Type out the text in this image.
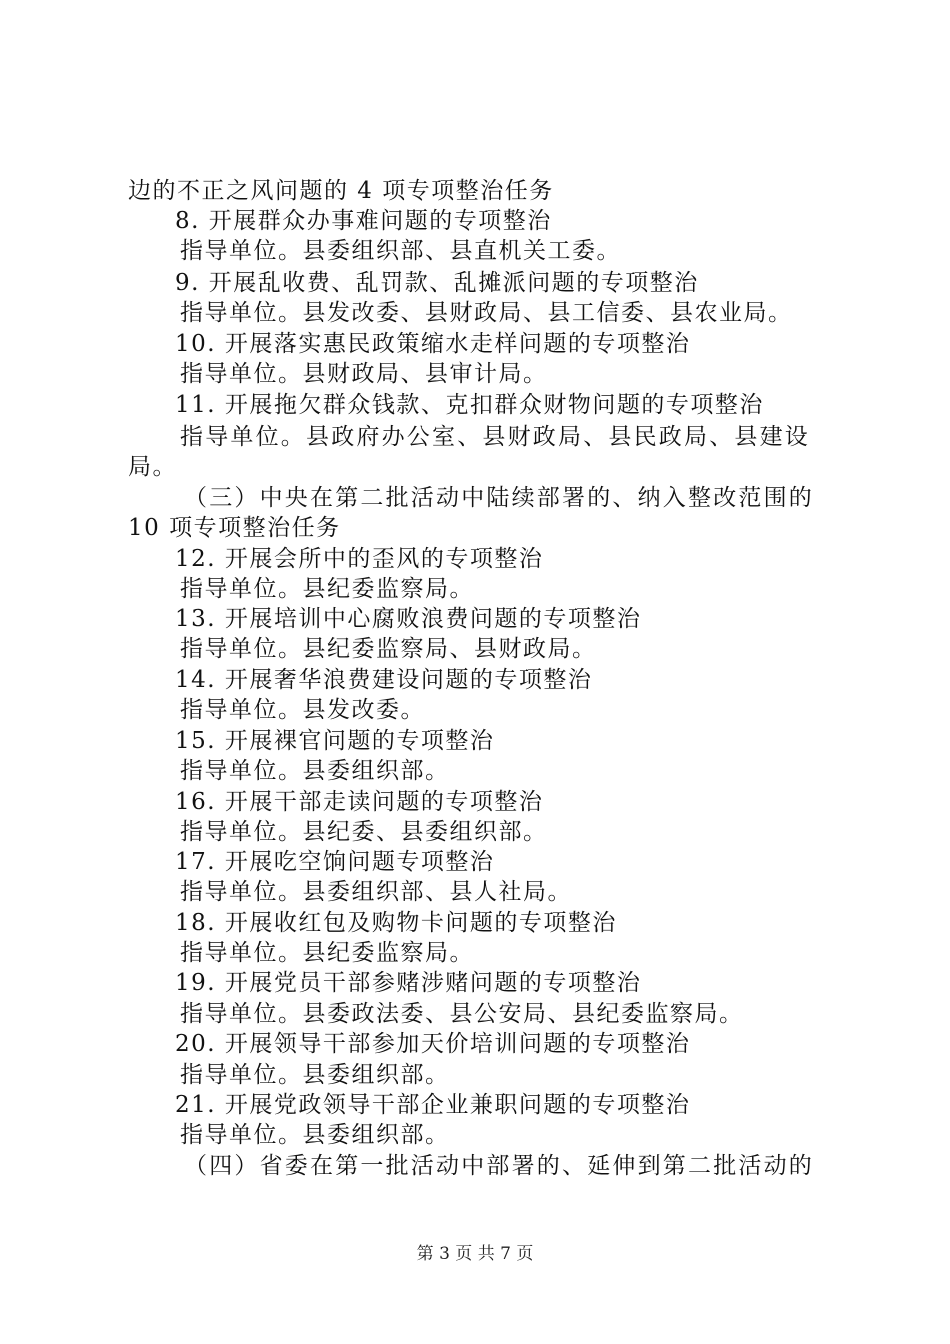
边的不正之风问题的 4 项专项整治任务
8. 开展群众办事难问题的专项整治
指导单位。县委组织部、县直机关工委。
9. 开展乱收费、乱罚款、乱摊派问题的专项整治
指导单位。县发改委、县财政局、县工信委、县农业局。
10. 开展落实惠民政策缩水走样问题的专项整治
指导单位。县财政局、县审计局。
11. 开展拖欠群众钱款、克扣群众财物问题的专项整治
指导单位。县政府办公室、县财政局、县民政局、县建设
局。
（三）中央在第二批活动中陆续部署的、纳入整改范围的
10 项专项整治任务
12. 开展会所中的歪风的专项整治
指导单位。县纪委监察局。
13. 开展培训中心腐败浪费问题的专项整治
指导单位。县纪委监察局、县财政局。
14. 开展奢华浪费建设问题的专项整治
指导单位。县发改委。
15. 开展裸官问题的专项整治
指导单位。县委组织部。
16. 开展干部走读问题的专项整治
指导单位。县纪委、县委组织部。
17. 开展吃空饷问题专项整治
指导单位。县委组织部、县人社局。
18. 开展收红包及购物卡问题的专项整治
指导单位。县纪委监察局。
19. 开展党员干部参赌涉赌问题的专项整治
指导单位。县委政法委、县公安局、县纪委监察局。
20. 开展领导干部参加天价培训问题的专项整治
指导单位。县委组织部。
21. 开展党政领导干部企业兼职问题的专项整治
指导单位。县委组织部。
（四）省委在第一批活动中部署的、延伸到第二批活动的
第 3 页 共 7 页
